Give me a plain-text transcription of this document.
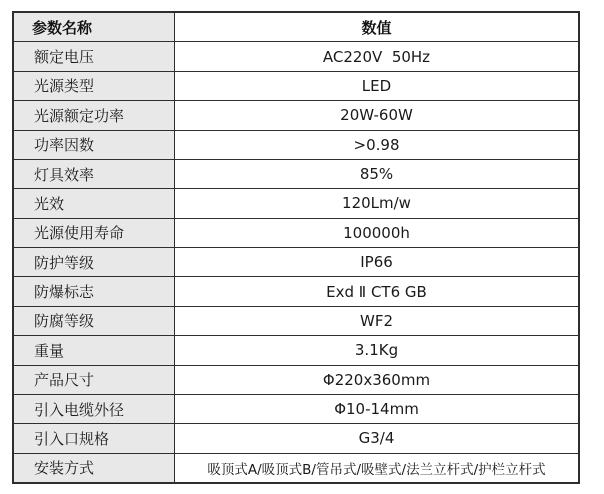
参数名称	数值
额定电压	AC220V  50Hz
光源类型	LED
光源额定功率	20W-60W
功率因数	>0.98
灯具效率	85%
光效	120Lm/w
光源使用寿命	100000h
防护等级	IP66
防爆标志	Exd Ⅱ CT6 GB
防腐等级	WF2
重量	3.1Kg
产品尺寸	Φ220x360mm
引入电缆外径	Φ10-14mm
引入口规格	G3/4
安装方式	吸顶式A/吸顶式B/管吊式/吸壁式/法兰立杆式/护栏立杆式
